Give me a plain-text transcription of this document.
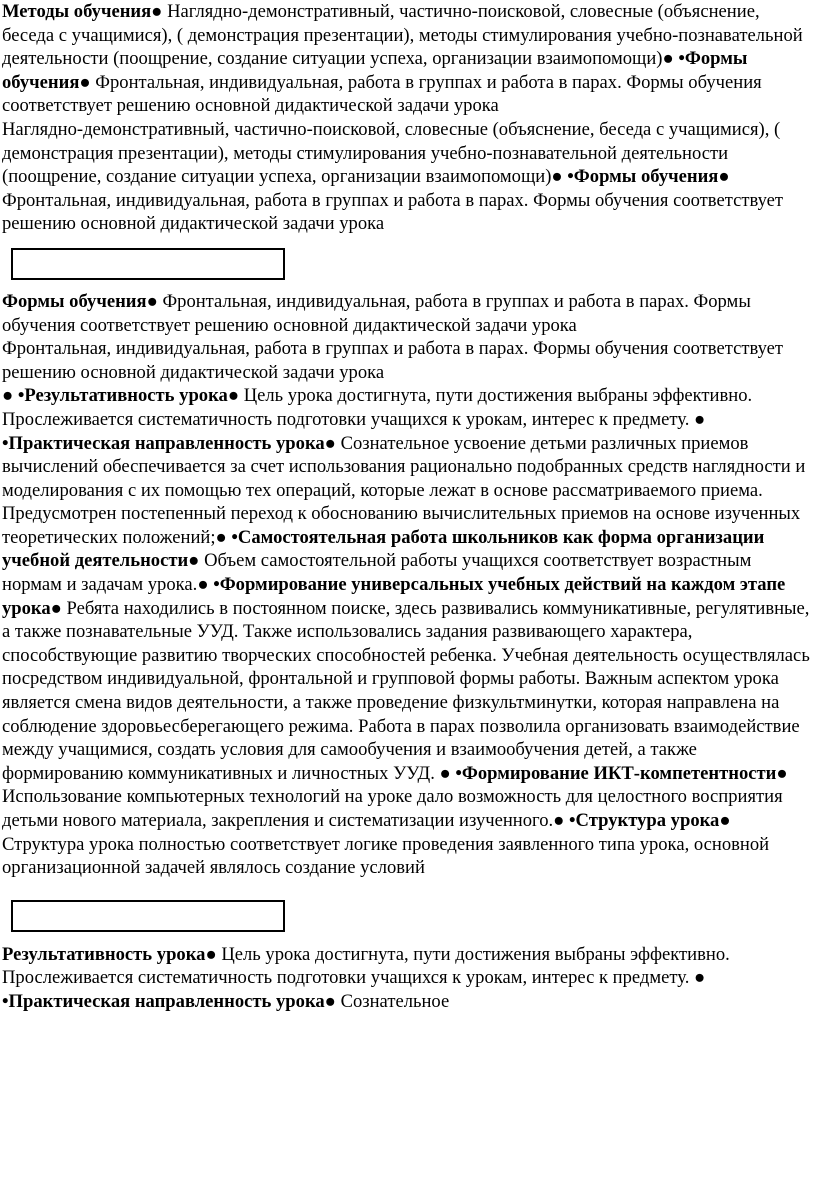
Методы обучения● Наглядно-демонстративный, частично-поисковой, словесные (объяснение, беседа с учащимися), ( демонстрация презентации), методы стимулирования учебно-познавательной деятельности (поощрение, создание ситуации успеха, организации взаимопомощи)● •Формы обучения● Фронтальная, индивидуальная, работа в группах и работа в парах. Формы обучения соответствует решению основной дидактической задачи урока

Наглядно-демонстративный, частично-поисковой, словесные (объяснение, беседа с учащимися), ( демонстрация презентации), методы стимулирования учебно-познавательной деятельности (поощрение, создание ситуации успеха, организации взаимопомощи)● •Формы обучения● Фронтальная, индивидуальная, работа в группах и работа в парах. Формы обучения соответствует решению основной дидактической задачи урока

Формы обучения● Фронтальная, индивидуальная, работа в группах и работа в парах. Формы обучения соответствует решению основной дидактической задачи урока

Фронтальная, индивидуальная, работа в группах и работа в парах. Формы обучения соответствует решению основной дидактической задачи урока

● •Результативность урока● Цель урока достигнута, пути достижения выбраны эффективно. Прослеживается систематичность подготовки учащихся к урокам, интерес к предмету. ● •Практическая направленность урока● Сознательное усвоение детьми различных приемов вычислений обеспечивается за счет использования рационально подобранных средств наглядности и моделирования с их помощью тех операций, которые лежат в основе рассматриваемого приема. Предусмотрен постепенный переход к обоснованию вычислительных приемов на основе изученных теоретических положений;● •Самостоятельная работа школьников как форма организации учебной деятельности● Объем самостоятельной работы учащихся соответствует возрастным нормам и задачам урока.● •Формирование универсальных учебных действий на каждом этапе урока● Ребята находились в постоянном поиске, здесь развивались коммуникативные, регулятивные, а также познавательные УУД. Также использовались задания развивающего характера, способствующие развитию творческих способностей ребенка. Учебная деятельность осуществлялась посредством индивидуальной, фронтальной и групповой формы работы. Важным аспектом урока является смена видов деятельности, а также проведение физкультминутки, которая направлена на соблюдение здоровьесберегающего режима. Работа в парах позволила организовать взаимодействие между учащимися, создать условия для самообучения и взаимообучения детей, а также формированию коммуникативных и личностных УУД. ● •Формирование ИКТ-компетентности● Использование компьютерных технологий на уроке дало возможность для целостного восприятия детьми нового материала, закрепления и систематизации изученного.● •Структура урока● Структура урока полностью соответствует логике проведения заявленного типа урока, основной организационной задачей являлось создание условий

Результативность урока● Цель урока достигнута, пути достижения выбраны эффективно. Прослеживается систематичность подготовки учащихся к урокам, интерес к предмету. ● •Практическая направленность урока● Сознательное
